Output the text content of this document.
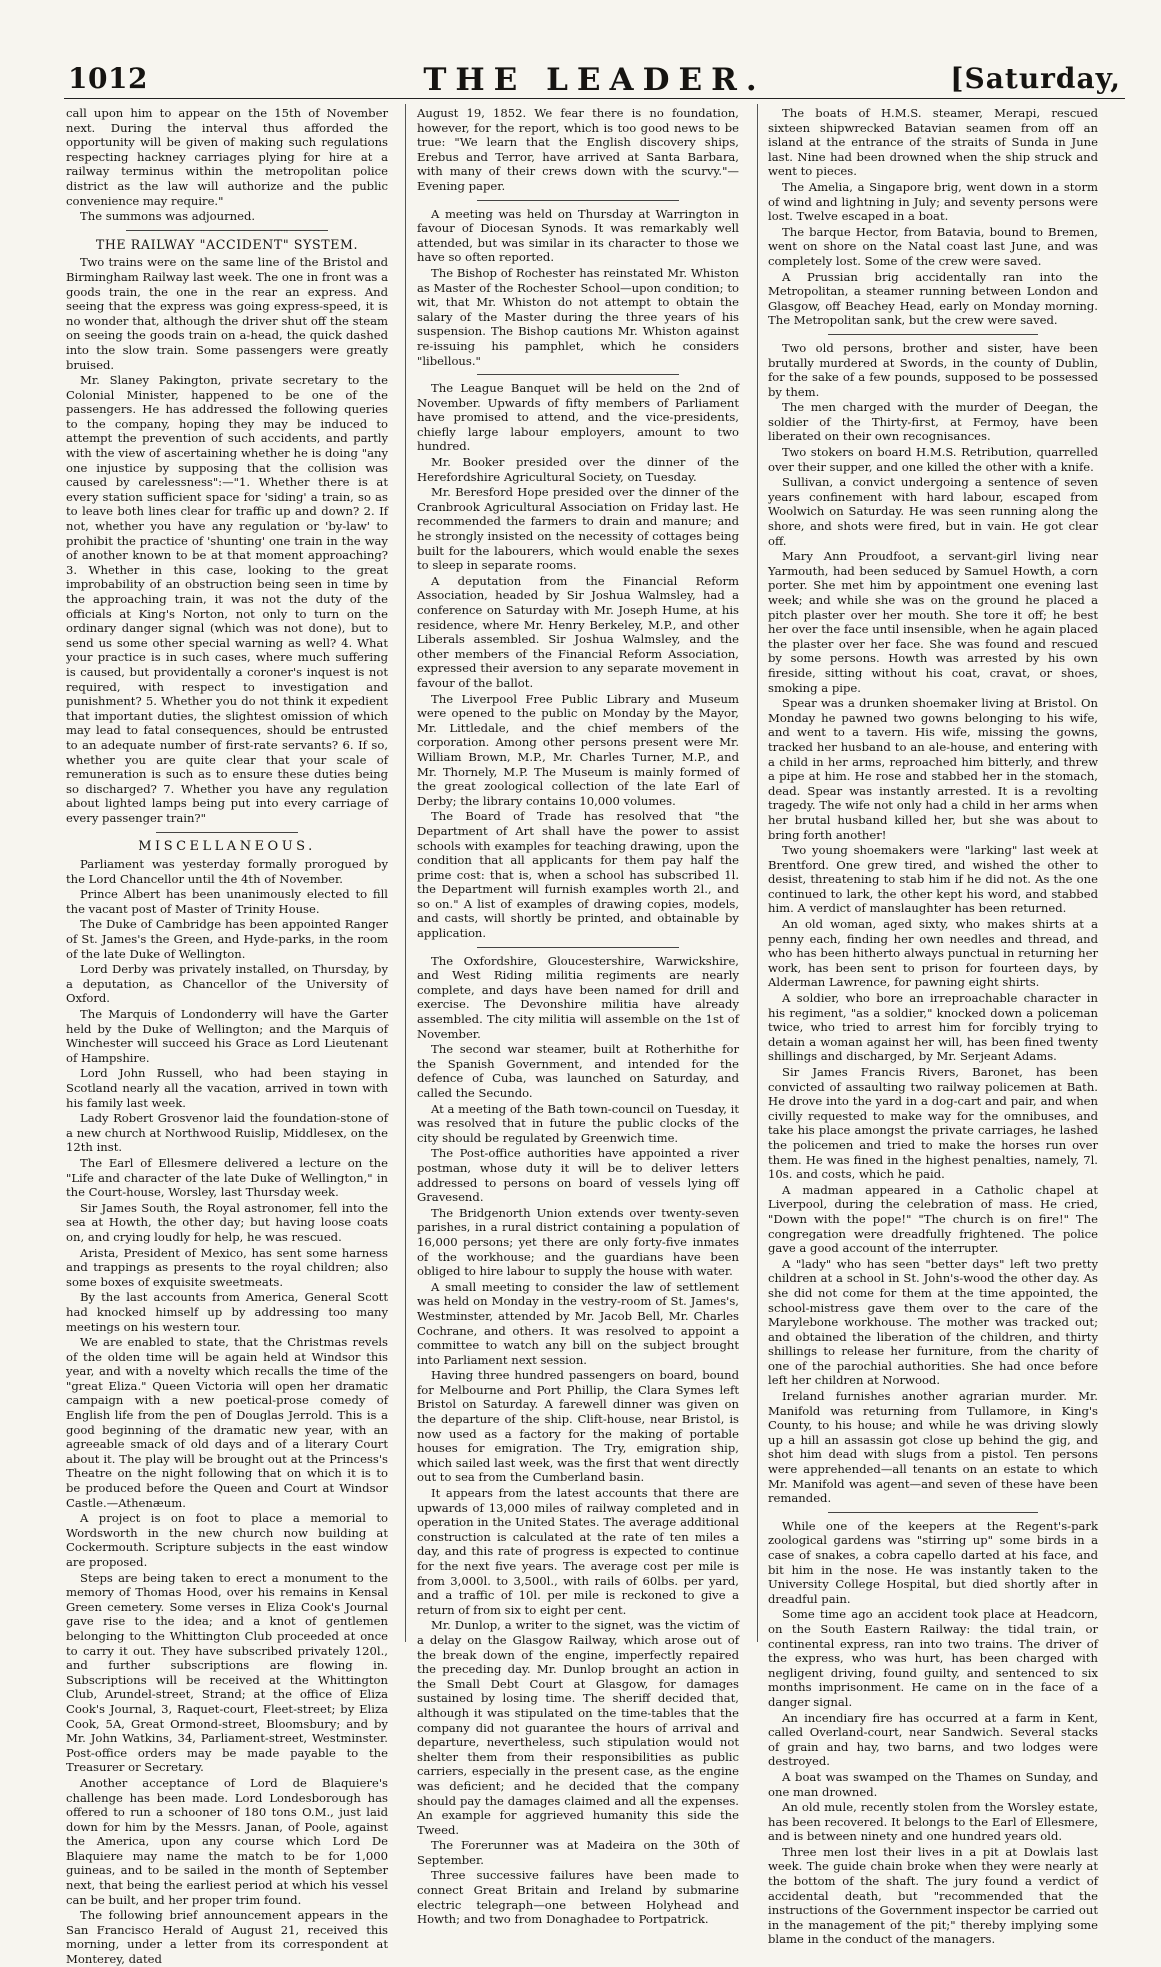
1012	THE LEADER.	[Saturday,

call upon him to appear on the 15th of November next. During the interval thus afforded the opportunity will be given of making such regulations respecting hackney carriages plying for hire at a railway terminus within the metropolitan police district as the law will authorize and the public convenience may require."

The summons was adjourned.

THE RAILWAY "ACCIDENT" SYSTEM.

Two trains were on the same line of the Bristol and Birmingham Railway last week. The one in front was a goods train, the one in the rear an express. And seeing that the express was going express-speed, it is no wonder that, although the driver shut off the steam on seeing the goods train on a-head, the quick dashed into the slow train. Some passengers were greatly bruised.

Mr. Slaney Pakington, private secretary to the Colonial Minister, happened to be one of the passengers. He has addressed the following queries to the company, hoping they may be induced to attempt the prevention of such accidents, and partly with the view of ascertaining whether he is doing "any one injustice by supposing that the collision was caused by carelessness":—"1. Whether there is at every station sufficient space for 'siding' a train, so as to leave both lines clear for traffic up and down? 2. If not, whether you have any regulation or 'by-law' to prohibit the practice of 'shunting' one train in the way of another known to be at that moment approaching? 3. Whether in this case, looking to the great improbability of an obstruction being seen in time by the approaching train, it was not the duty of the officials at King's Norton, not only to turn on the ordinary danger signal (which was not done), but to send us some other special warning as well? 4. What your practice is in such cases, where much suffering is caused, but providentally a coroner's inquest is not required, with respect to investigation and punishment? 5. Whether you do not think it expedient that important duties, the slightest omission of which may lead to fatal consequences, should be entrusted to an adequate number of first-rate servants? 6. If so, whether you are quite clear that your scale of remuneration is such as to ensure these duties being so discharged? 7. Whether you have any regulation about lighted lamps being put into every carriage of every passenger train?"

MISCELLANEOUS.

Parliament was yesterday formally prorogued by the Lord Chancellor until the 4th of November.

Prince Albert has been unanimously elected to fill the vacant post of Master of Trinity House.

The Duke of Cambridge has been appointed Ranger of St. James's the Green, and Hyde-parks, in the room of the late Duke of Wellington.

Lord Derby was privately installed, on Thursday, by a deputation, as Chancellor of the University of Oxford.

The Marquis of Londonderry will have the Garter held by the Duke of Wellington; and the Marquis of Winchester will succeed his Grace as Lord Lieutenant of Hampshire.

Lord John Russell, who had been staying in Scotland nearly all the vacation, arrived in town with his family last week.

Lady Robert Grosvenor laid the foundation-stone of a new church at Northwood Ruislip, Middlesex, on the 12th inst.

The Earl of Ellesmere delivered a lecture on the "Life and character of the late Duke of Wellington," in the Court-house, Worsley, last Thursday week.

Sir James South, the Royal astronomer, fell into the sea at Howth, the other day; but having loose coats on, and crying loudly for help, he was rescued.

Arista, President of Mexico, has sent some harness and trappings as presents to the royal children; also some boxes of exquisite sweetmeats.

By the last accounts from America, General Scott had knocked himself up by addressing too many meetings on his western tour.

We are enabled to state, that the Christmas revels of the olden time will be again held at Windsor this year, and with a novelty which recalls the time of the "great Eliza." Queen Victoria will open her dramatic campaign with a new poetical-prose comedy of English life from the pen of Douglas Jerrold. This is a good beginning of the dramatic new year, with an agreeable smack of old days and of a literary Court about it. The play will be brought out at the Princess's Theatre on the night following that on which it is to be produced before the Queen and Court at Windsor Castle.—Athenæum.

A project is on foot to place a memorial to Wordsworth in the new church now building at Cockermouth. Scripture subjects in the east window are proposed.

Steps are being taken to erect a monument to the memory of Thomas Hood, over his remains in Kensal Green cemetery. Some verses in Eliza Cook's Journal gave rise to the idea; and a knot of gentlemen belonging to the Whittington Club proceeded at once to carry it out. They have subscribed privately 120l., and further subscriptions are flowing in. Subscriptions will be received at the Whittington Club, Arundel-street, Strand; at the office of Eliza Cook's Journal, 3, Raquet-court, Fleet-street; by Eliza Cook, 5A, Great Ormond-street, Bloomsbury; and by Mr. John Watkins, 34, Parliament-street, Westminster. Post-office orders may be made payable to the Treasurer or Secretary.

Another acceptance of Lord de Blaquiere's challenge has been made. Lord Londesborough has offered to run a schooner of 180 tons O.M., just laid down for him by the Messrs. Janan, of Poole, against the America, upon any course which Lord De Blaquiere may name the match to be for 1,000 guineas, and to be sailed in the month of September next, that being the earliest period at which his vessel can be built, and her proper trim found.

The following brief announcement appears in the San Francisco Herald of August 21, received this morning, under a letter from its correspondent at Monterey, dated

August 19, 1852. We fear there is no foundation, however, for the report, which is too good news to be true: "We learn that the English discovery ships, Erebus and Terror, have arrived at Santa Barbara, with many of their crews down with the scurvy."—Evening paper.

A meeting was held on Thursday at Warrington in favour of Diocesan Synods. It was remarkably well attended, but was similar in its character to those we have so often reported.

The Bishop of Rochester has reinstated Mr. Whiston as Master of the Rochester School—upon condition; to wit, that Mr. Whiston do not attempt to obtain the salary of the Master during the three years of his suspension. The Bishop cautions Mr. Whiston against re-issuing his pamphlet, which he considers "libellous."

The League Banquet will be held on the 2nd of November. Upwards of fifty members of Parliament have promised to attend, and the vice-presidents, chiefly large labour employers, amount to two hundred.

Mr. Booker presided over the dinner of the Herefordshire Agricultural Society, on Tuesday.

Mr. Beresford Hope presided over the dinner of the Cranbrook Agricultural Association on Friday last. He recommended the farmers to drain and manure; and he strongly insisted on the necessity of cottages being built for the labourers, which would enable the sexes to sleep in separate rooms.

A deputation from the Financial Reform Association, headed by Sir Joshua Walmsley, had a conference on Saturday with Mr. Joseph Hume, at his residence, where Mr. Henry Berkeley, M.P., and other Liberals assembled. Sir Joshua Walmsley, and the other members of the Financial Reform Association, expressed their aversion to any separate movement in favour of the ballot.

The Liverpool Free Public Library and Museum were opened to the public on Monday by the Mayor, Mr. Littledale, and the chief members of the corporation. Among other persons present were Mr. William Brown, M.P., Mr. Charles Turner, M.P., and Mr. Thornely, M.P. The Museum is mainly formed of the great zoological collection of the late Earl of Derby; the library contains 10,000 volumes.

The Board of Trade has resolved that "the Department of Art shall have the power to assist schools with examples for teaching drawing, upon the condition that all applicants for them pay half the prime cost: that is, when a school has subscribed 1l. the Department will furnish examples worth 2l., and so on." A list of examples of drawing copies, models, and casts, will shortly be printed, and obtainable by application.

The Oxfordshire, Gloucestershire, Warwickshire, and West Riding militia regiments are nearly complete, and days have been named for drill and exercise. The Devonshire militia have already assembled. The city militia will assemble on the 1st of November.

The second war steamer, built at Rotherhithe for the Spanish Government, and intended for the defence of Cuba, was launched on Saturday, and called the Secundo.

At a meeting of the Bath town-council on Tuesday, it was resolved that in future the public clocks of the city should be regulated by Greenwich time.

The Post-office authorities have appointed a river postman, whose duty it will be to deliver letters addressed to persons on board of vessels lying off Gravesend.

The Bridgenorth Union extends over twenty-seven parishes, in a rural district containing a population of 16,000 persons; yet there are only forty-five inmates of the workhouse; and the guardians have been obliged to hire labour to supply the house with water.

A small meeting to consider the law of settlement was held on Monday in the vestry-room of St. James's, Westminster, attended by Mr. Jacob Bell, Mr. Charles Cochrane, and others. It was resolved to appoint a committee to watch any bill on the subject brought into Parliament next session.

Having three hundred passengers on board, bound for Melbourne and Port Phillip, the Clara Symes left Bristol on Saturday. A farewell dinner was given on the departure of the ship. Clift-house, near Bristol, is now used as a factory for the making of portable houses for emigration. The Try, emigration ship, which sailed last week, was the first that went directly out to sea from the Cumberland basin.

It appears from the latest accounts that there are upwards of 13,000 miles of railway completed and in operation in the United States. The average additional construction is calculated at the rate of ten miles a day, and this rate of progress is expected to continue for the next five years. The average cost per mile is from 3,000l. to 3,500l., with rails of 60lbs. per yard, and a traffic of 10l. per mile is reckoned to give a return of from six to eight per cent.

Mr. Dunlop, a writer to the signet, was the victim of a delay on the Glasgow Railway, which arose out of the break down of the engine, imperfectly repaired the preceding day. Mr. Dunlop brought an action in the Small Debt Court at Glasgow, for damages sustained by losing time. The sheriff decided that, although it was stipulated on the time-tables that the company did not guarantee the hours of arrival and departure, nevertheless, such stipulation would not shelter them from their responsibilities as public carriers, especially in the present case, as the engine was deficient; and he decided that the company should pay the damages claimed and all the expenses. An example for aggrieved humanity this side the Tweed.

The Forerunner was at Madeira on the 30th of September.

Three successive failures have been made to connect Great Britain and Ireland by submarine electric telegraph—one between Holyhead and Howth; and two from Donaghadee to Portpatrick.

The boats of H.M.S. steamer, Merapi, rescued sixteen shipwrecked Batavian seamen from off an island at the entrance of the straits of Sunda in June last. Nine had been drowned when the ship struck and went to pieces.

The Amelia, a Singapore brig, went down in a storm of wind and lightning in July; and seventy persons were lost. Twelve escaped in a boat.

The barque Hector, from Batavia, bound to Bremen, went on shore on the Natal coast last June, and was completely lost. Some of the crew were saved.

A Prussian brig accidentally ran into the Metropolitan, a steamer running between London and Glasgow, off Beachey Head, early on Monday morning. The Metropolitan sank, but the crew were saved.

Two old persons, brother and sister, have been brutally murdered at Swords, in the county of Dublin, for the sake of a few pounds, supposed to be possessed by them.

The men charged with the murder of Deegan, the soldier of the Thirty-first, at Fermoy, have been liberated on their own recognisances.

Two stokers on board H.M.S. Retribution, quarrelled over their supper, and one killed the other with a knife.

Sullivan, a convict undergoing a sentence of seven years confinement with hard labour, escaped from Woolwich on Saturday. He was seen running along the shore, and shots were fired, but in vain. He got clear off.

Mary Ann Proudfoot, a servant-girl living near Yarmouth, had been seduced by Samuel Howth, a corn porter. She met him by appointment one evening last week; and while she was on the ground he placed a pitch plaster over her mouth. She tore it off; he best her over the face until insensible, when he again placed the plaster over her face. She was found and rescued by some persons. Howth was arrested by his own fireside, sitting without his coat, cravat, or shoes, smoking a pipe.

Spear was a drunken shoemaker living at Bristol. On Monday he pawned two gowns belonging to his wife, and went to a tavern. His wife, missing the gowns, tracked her husband to an ale-house, and entering with a child in her arms, reproached him bitterly, and threw a pipe at him. He rose and stabbed her in the stomach, dead. Spear was instantly arrested. It is a revolting tragedy. The wife not only had a child in her arms when her brutal husband killed her, but she was about to bring forth another!

Two young shoemakers were "larking" last week at Brentford. One grew tired, and wished the other to desist, threatening to stab him if he did not. As the one continued to lark, the other kept his word, and stabbed him. A verdict of manslaughter has been returned.

An old woman, aged sixty, who makes shirts at a penny each, finding her own needles and thread, and who has been hitherto always punctual in returning her work, has been sent to prison for fourteen days, by Alderman Lawrence, for pawning eight shirts.

A soldier, who bore an irreproachable character in his regiment, "as a soldier," knocked down a policeman twice, who tried to arrest him for forcibly trying to detain a woman against her will, has been fined twenty shillings and discharged, by Mr. Serjeant Adams.

Sir James Francis Rivers, Baronet, has been convicted of assaulting two railway policemen at Bath. He drove into the yard in a dog-cart and pair, and when civilly requested to make way for the omnibuses, and take his place amongst the private carriages, he lashed the policemen and tried to make the horses run over them. He was fined in the highest penalties, namely, 7l. 10s. and costs, which he paid.

A madman appeared in a Catholic chapel at Liverpool, during the celebration of mass. He cried, "Down with the pope!" "The church is on fire!" The congregation were dreadfully frightened. The police gave a good account of the interrupter.

A "lady" who has seen "better days" left two pretty children at a school in St. John's-wood the other day. As she did not come for them at the time appointed, the school-mistress gave them over to the care of the Marylebone workhouse. The mother was tracked out; and obtained the liberation of the children, and thirty shillings to release her furniture, from the charity of one of the parochial authorities. She had once before left her children at Norwood.

Ireland furnishes another agrarian murder. Mr. Manifold was returning from Tullamore, in King's County, to his house; and while he was driving slowly up a hill an assassin got close up behind the gig, and shot him dead with slugs from a pistol. Ten persons were apprehended—all tenants on an estate to which Mr. Manifold was agent—and seven of these have been remanded.

While one of the keepers at the Regent's-park zoological gardens was "stirring up" some birds in a case of snakes, a cobra capello darted at his face, and bit him in the nose. He was instantly taken to the University College Hospital, but died shortly after in dreadful pain.

Some time ago an accident took place at Headcorn, on the South Eastern Railway: the tidal train, or continental express, ran into two trains. The driver of the express, who was hurt, has been charged with negligent driving, found guilty, and sentenced to six months imprisonment. He came on in the face of a danger signal.

An incendiary fire has occurred at a farm in Kent, called Overland-court, near Sandwich. Several stacks of grain and hay, two barns, and two lodges were destroyed.

A boat was swamped on the Thames on Sunday, and one man drowned.

An old mule, recently stolen from the Worsley estate, has been recovered. It belongs to the Earl of Ellesmere, and is between ninety and one hundred years old.

Three men lost their lives in a pit at Dowlais last week. The guide chain broke when they were nearly at the bottom of the shaft. The jury found a verdict of accidental death, but "recommended that the instructions of the Government inspector be carried out in the management of the pit;" thereby implying some blame in the conduct of the managers.
